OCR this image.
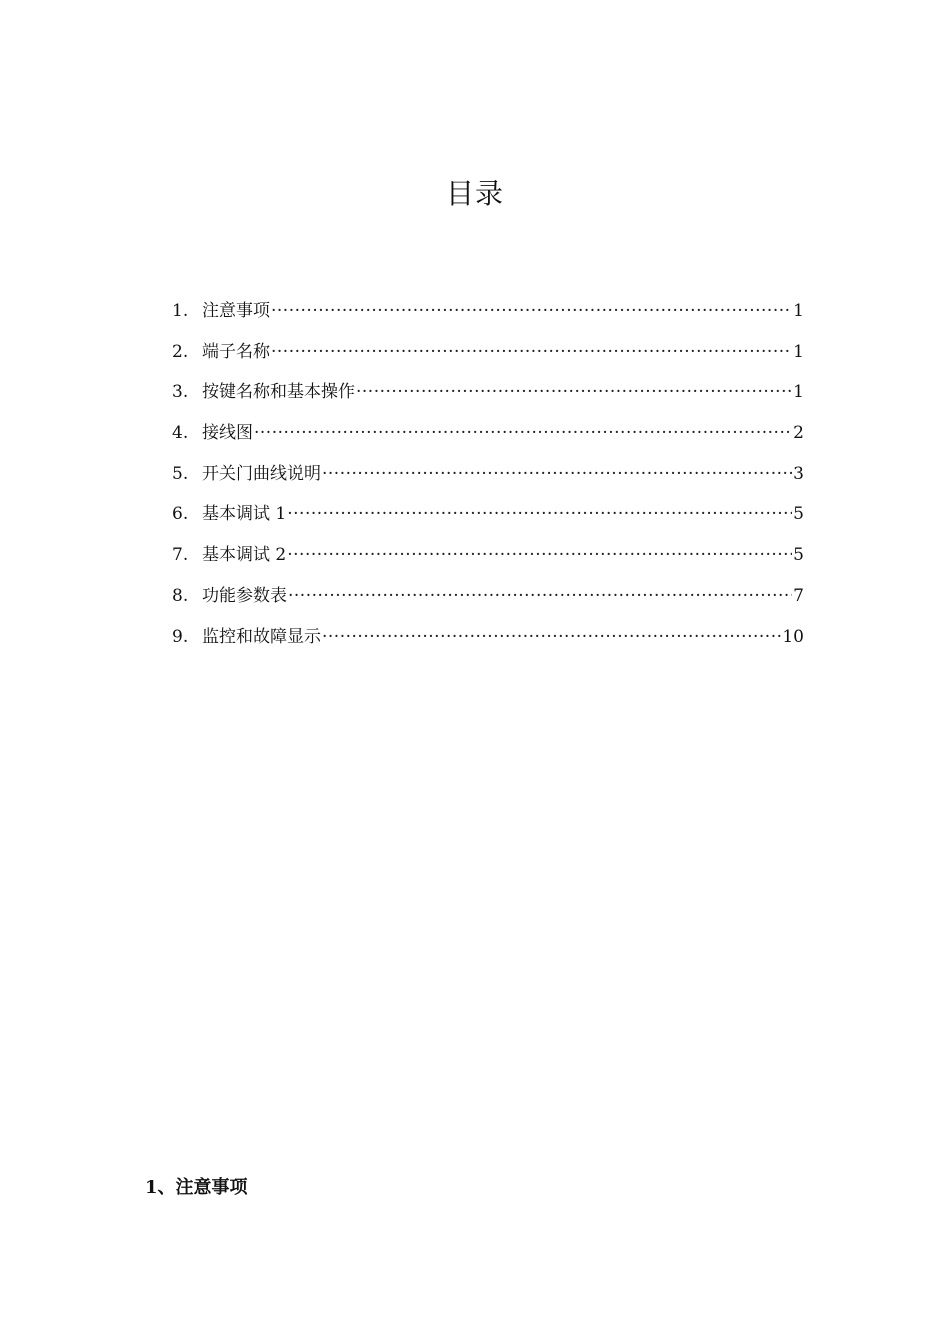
目录
1. 注意事项 ·····	1
2. 端子名称 ·····	1
3. 按键名称和基本操作 ·····	1
4. 接线图 ·····	2
5. 开关门曲线说明 ·····	3
6. 基本调试 1 ·····	5
7. 基本调试 2 ·····	5
8. 功能参数表 ·····	7
9. 监控和故障显示 ·····	10
1、注意事项
